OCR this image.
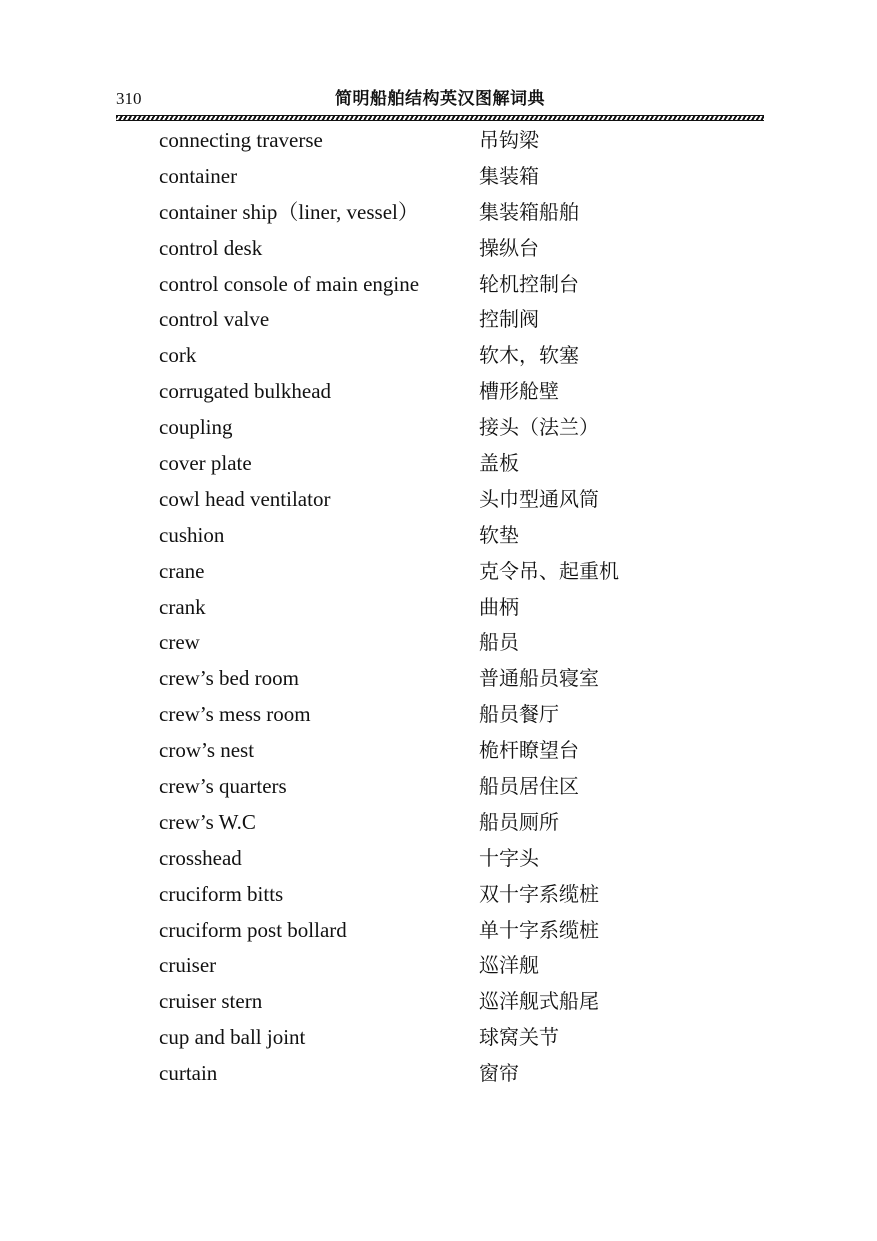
310	简明船舶结构英汉图解词典
connecting traverse	吊钩梁
container	集装箱
container ship（liner, vessel）	集装箱船舶
control desk	操纵台
control console of main engine	轮机控制台
control valve	控制阀
cork	软木，软塞
corrugated bulkhead	槽形舱壁
coupling	接头（法兰）
cover plate	盖板
cowl head ventilator	头巾型通风筒
cushion	软垫
crane	克令吊、起重机
crank	曲柄
crew	船员
crew’s bed room	普通船员寝室
crew’s mess room	船员餐厅
crow’s nest	桅杆瞭望台
crew’s quarters	船员居住区
crew’s W.C	船员厕所
crosshead	十字头
cruciform bitts	双十字系缆桩
cruciform post bollard	单十字系缆桩
cruiser	巡洋舰
cruiser stern	巡洋舰式船尾
cup and ball joint	球窝关节
curtain	窗帘
